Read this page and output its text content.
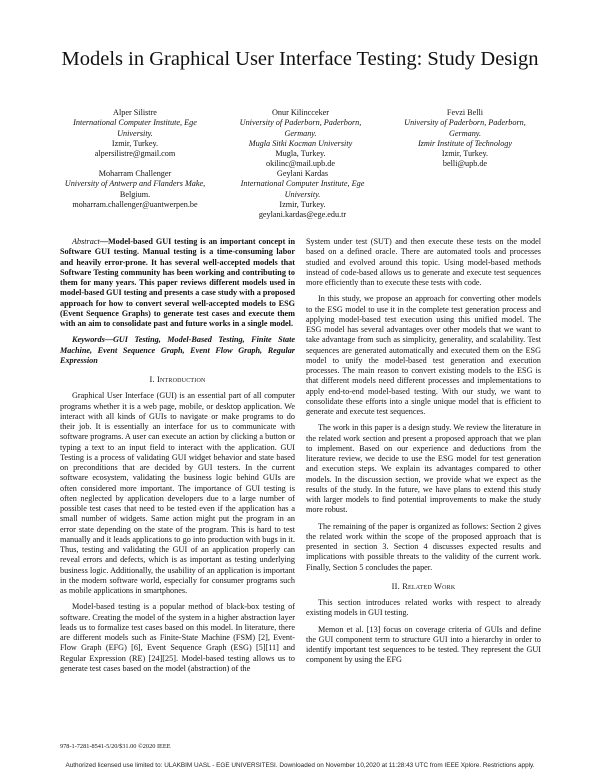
Models in Graphical User Interface Testing: Study Design
Alper Silistre
International Computer Institute, Ege University.
Izmir, Turkey.
alpersilistre@gmail.com
Onur Kilincceker
University of Paderborn, Paderborn, Germany.
Mugla Sitki Kocman University
Mugla, Turkey.
okilinc@mail.upb.de
Fevzi Belli
University of Paderborn, Paderborn, Germany.
Izmir Institute of Technology
Izmir, Turkey.
belli@upb.de
Moharram Challenger
University of Antwerp and Flanders Make,
Belgium.
moharram.challenger@uantwerpen.be
Geylani Kardas
International Computer Institute, Ege University.
Izmir, Turkey.
geylani.kardas@ege.edu.tr

Abstract—Model-based GUI testing is an important concept in Software GUI testing. Manual testing is a time-consuming labor and heavily error-prone. It has several well-accepted models that Software Testing community has been working and contributing to them for many years. This paper reviews different models used in model-based GUI testing and presents a case study with a proposed approach for how to convert several well-accepted models to ESG (Event Sequence Graphs) to generate test cases and execute them with an aim to consolidate past and future works in a single model.

Keywords—GUI Testing, Model-Based Testing, Finite State Machine, Event Sequence Graph, Event Flow Graph, Regular Expression

I. Introduction

Graphical User Interface (GUI) is an essential part of all computer programs whether it is a web page, mobile, or desktop application. We interact with all kinds of GUIs to navigate or make programs to do their job. It is essentially an interface for us to communicate with software programs. A user can execute an action by clicking a button or typing a text to an input field to interact with the application. GUI Testing is a process of validating GUI widget behavior and state based on preconditions that are decided by GUI testers. In the current software ecosystem, validating the business logic behind GUIs are often considered more important. The importance of GUI testing is often neglected by application developers due to a large number of possible test cases that need to be tested even if the application has a small number of widgets. Same action might put the program in an error state depending on the state of the program. This is hard to test manually and it leads applications to go into production with bugs in it. Thus, testing and validating the GUI of an application properly can reveal errors and defects, which is as important as testing underlying business logic. Additionally, the usability of an application is important in the modern software world, especially for consumer programs such as mobile applications in smartphones.

Model-based testing is a popular method of black-box testing of software. Creating the model of the system in a higher abstraction layer leads us to formalize test cases based on this model. In literature, there are different models such as Finite-State Machine (FSM) [2], Event-Flow Graph (EFG) [6], Event Sequence Graph (ESG) [5][11] and Regular Expression (RE) [24][25]. Model-based testing allows us to generate test cases based on the model (abstraction) of the

System under test (SUT) and then execute these tests on the model based on a defined oracle. There are automated tools and processes studied and evolved around this topic. Using model-based methods instead of code-based allows us to generate and execute test sequences more efficiently than to execute these tests with code.

In this study, we propose an approach for converting other models to the ESG model to use it in the complete test generation process and applying model-based test execution using this unified model. The ESG model has several advantages over other models that we want to take advantage from such as simplicity, generality, and scalability. Test sequences are generated automatically and executed them on the ESG model to unify the model-based test generation and execution processes. The main reason to convert existing models to the ESG is that different models need different processes and implementations to apply end-to-end model-based testing. With our study, we want to consolidate these efforts into a single unique model that is efficient to generate and execute test sequences.

The work in this paper is a design study. We review the literature in the related work section and present a proposed approach that we plan to implement. Based on our experience and deductions from the literature review, we decide to use the ESG model for test generation and execution steps. We explain its advantages compared to other models. In the discussion section, we provide what we expect as the results of the study. In the future, we have plans to extend this study with larger models to find potential improvements to make the study more robust.

The remaining of the paper is organized as follows: Section 2 gives the related work within the scope of the proposed approach that is presented in section 3. Section 4 discusses expected results and implications with possible threats to the validity of the current work. Finally, Section 5 concludes the paper.

II. Related Work

This section introduces related works with respect to already existing models in GUI testing.

Memon et al. [13] focus on coverage criteria of GUIs and define the GUI component term to structure GUI into a hierarchy in order to identify important test sequences to be tested. They represent the GUI component by using the EFG

978-1-7281-8541-5/20/$31.00 ©2020 IEEE
Authorized licensed use limited to: ULAKBIM UASL - EGE UNIVERSITESI. Downloaded on November 10,2020 at 11:28:43 UTC from IEEE Xplore. Restrictions apply.
